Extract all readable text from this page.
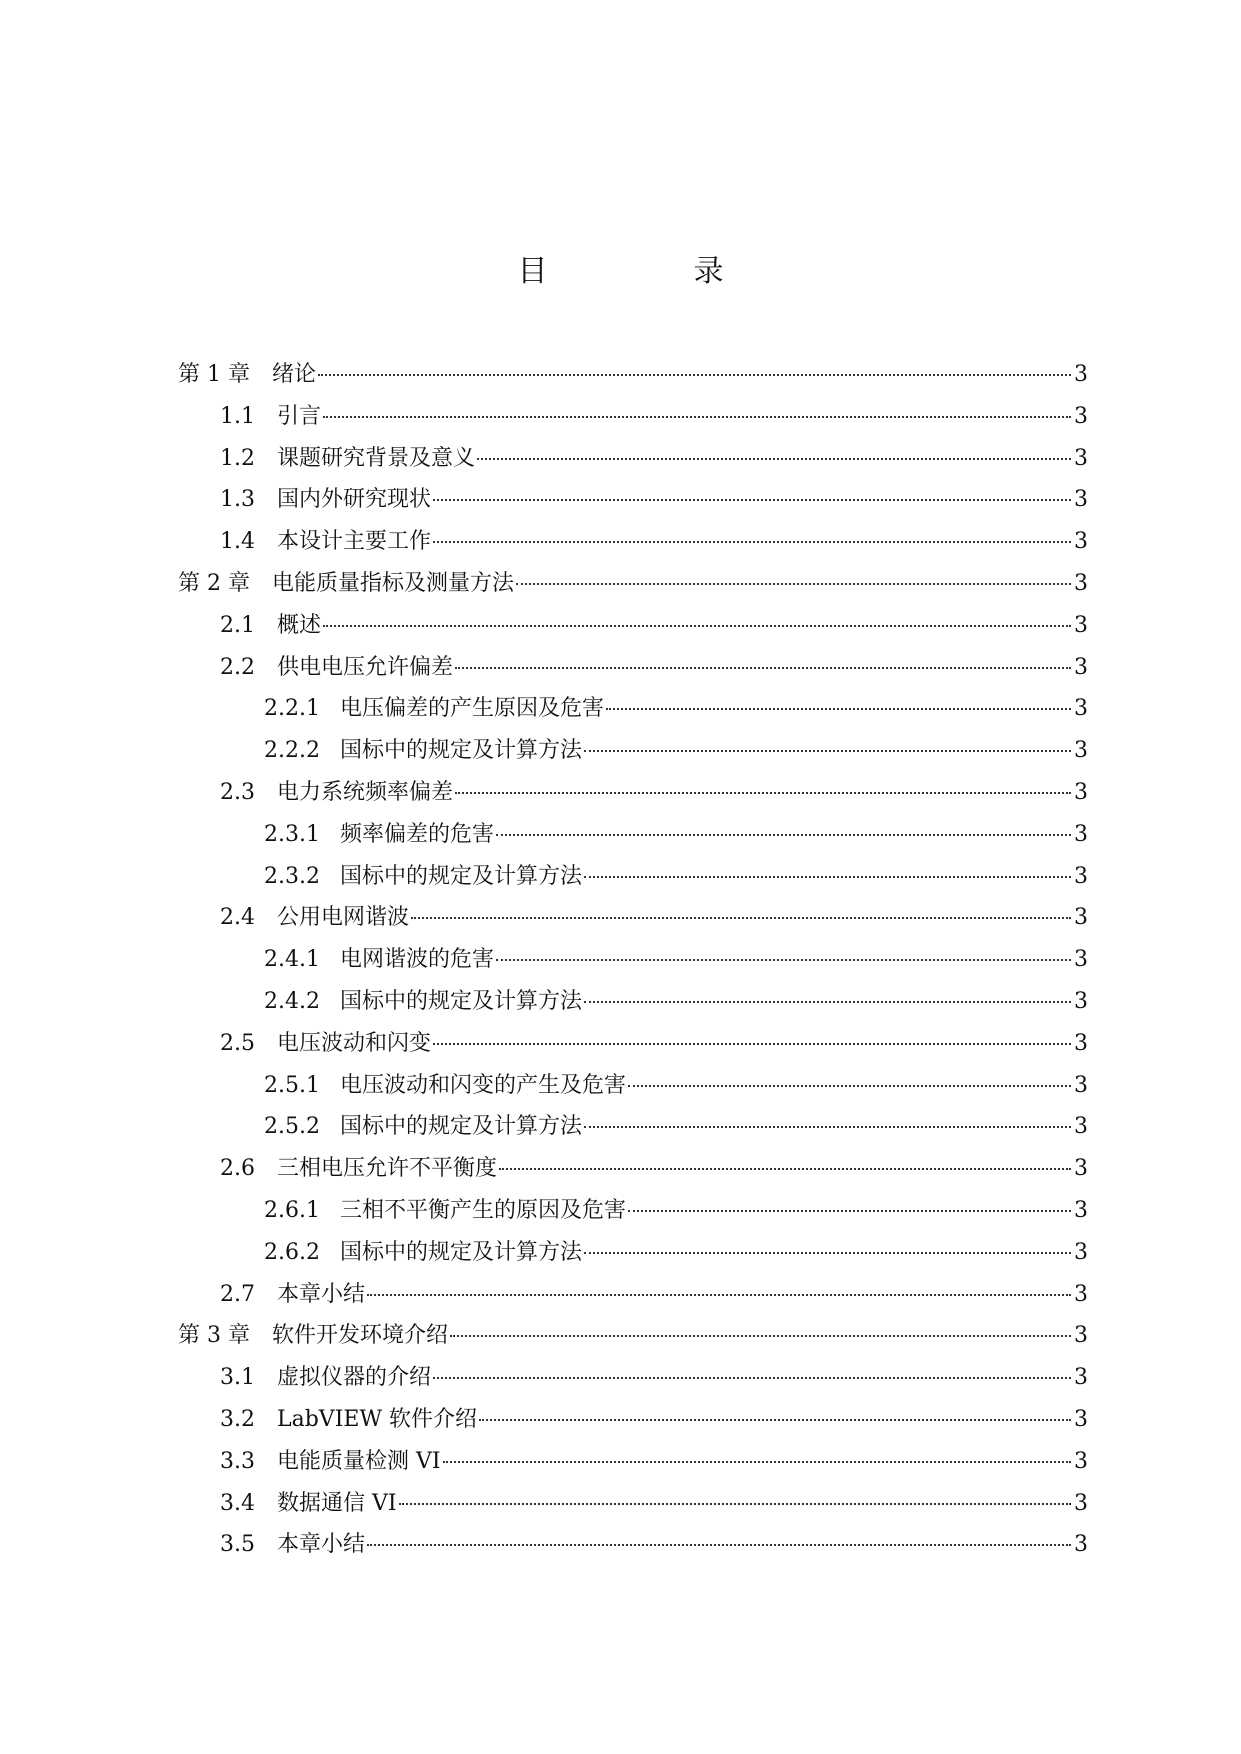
目　录
第 1 章	绪论	3
1.1	引言	3
1.2	课题研究背景及意义	3
1.3	国内外研究现状	3
1.4	本设计主要工作	3
第 2 章	电能质量指标及测量方法	3
2.1	概述	3
2.2	供电电压允许偏差	3
2.2.1 电压偏差的产生原因及危害	3
2.2.2 国标中的规定及计算方法	3
2.3	电力系统频率偏差	3
2.3.1 频率偏差的危害	3
2.3.2 国标中的规定及计算方法	3
2.4	公用电网谐波	3
2.4.1 电网谐波的危害	3
2.4.2 国标中的规定及计算方法	3
2.5	电压波动和闪变	3
2.5.1 电压波动和闪变的产生及危害	3
2.5.2 国标中的规定及计算方法	3
2.6	三相电压允许不平衡度	3
2.6.1 三相不平衡产生的原因及危害	3
2.6.2 国标中的规定及计算方法	3
2.7	本章小结	3
第 3 章	软件开发环境介绍	3
3.1	虚拟仪器的介绍	3
3.2	LabVIEW 软件介绍	3
3.3	电能质量检测 VI	3
3.4	数据通信 VI	3
3.5	本章小结	3
